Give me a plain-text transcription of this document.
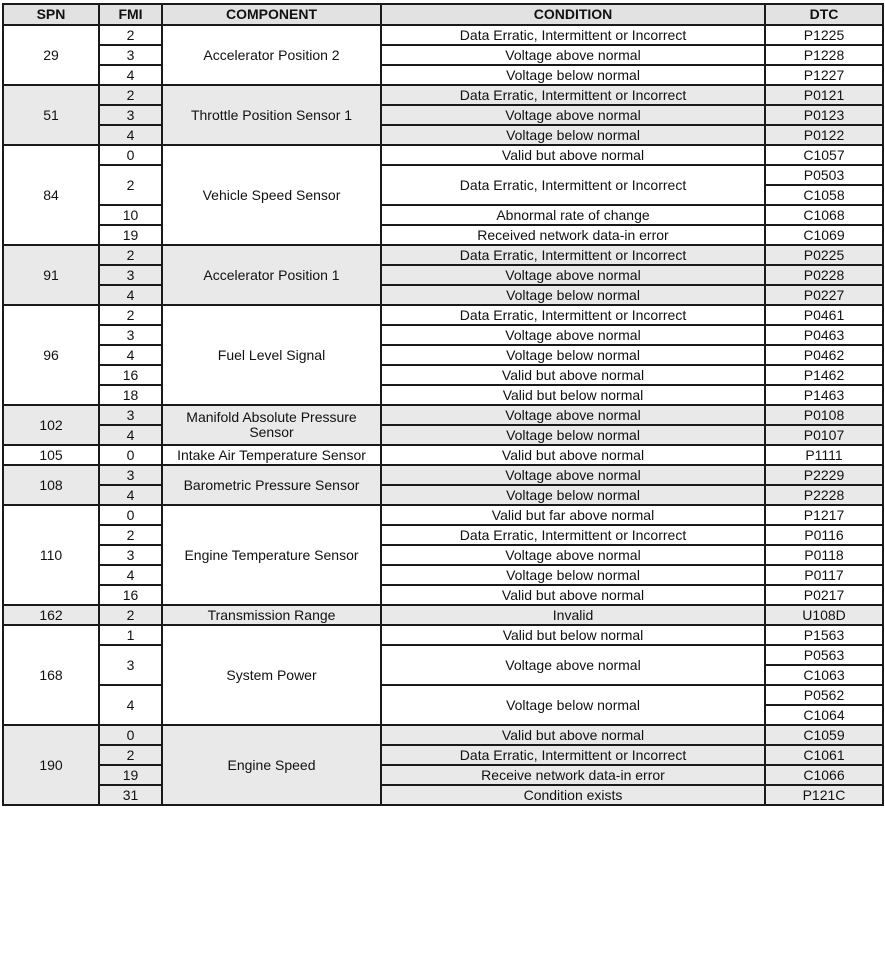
SPN	FMI	COMPONENT	CONDITION	DTC
29	2	Accelerator Position 2	Data Erratic, Intermittent or Incorrect	P1225
	3		Voltage above normal	P1228
	4		Voltage below normal	P1227
51	2	Throttle Position Sensor 1	Data Erratic, Intermittent or Incorrect	P0121
	3		Voltage above normal	P0123
	4		Voltage below normal	P0122
84	0	Vehicle Speed Sensor	Valid but above normal	C1057
	2		Data Erratic, Intermittent or Incorrect	P0503
				C1058
	10		Abnormal rate of change	C1068
	19		Received network data-in error	C1069
91	2	Accelerator Position 1	Data Erratic, Intermittent or Incorrect	P0225
	3		Voltage above normal	P0228
	4		Voltage below normal	P0227
96	2	Fuel Level Signal	Data Erratic, Intermittent or Incorrect	P0461
	3		Voltage above normal	P0463
	4		Voltage below normal	P0462
	16		Valid but above normal	P1462
	18		Valid but below normal	P1463
102	3	Manifold Absolute Pressure Sensor	Voltage above normal	P0108
	4		Voltage below normal	P0107
105	0	Intake Air Temperature Sensor	Valid but above normal	P1111
108	3	Barometric Pressure Sensor	Voltage above normal	P2229
	4		Voltage below normal	P2228
110	0	Engine Temperature Sensor	Valid but far above normal	P1217
	2		Data Erratic, Intermittent or Incorrect	P0116
	3		Voltage above normal	P0118
	4		Voltage below normal	P0117
	16		Valid but above normal	P0217
162	2	Transmission Range	Invalid	U108D
168	1	System Power	Valid but below normal	P1563
	3		Voltage above normal	P0563
				C1063
	4		Voltage below normal	P0562
				C1064
190	0	Engine Speed	Valid but above normal	C1059
	2		Data Erratic, Intermittent or Incorrect	C1061
	19		Receive network data-in error	C1066
	31		Condition exists	P121C
